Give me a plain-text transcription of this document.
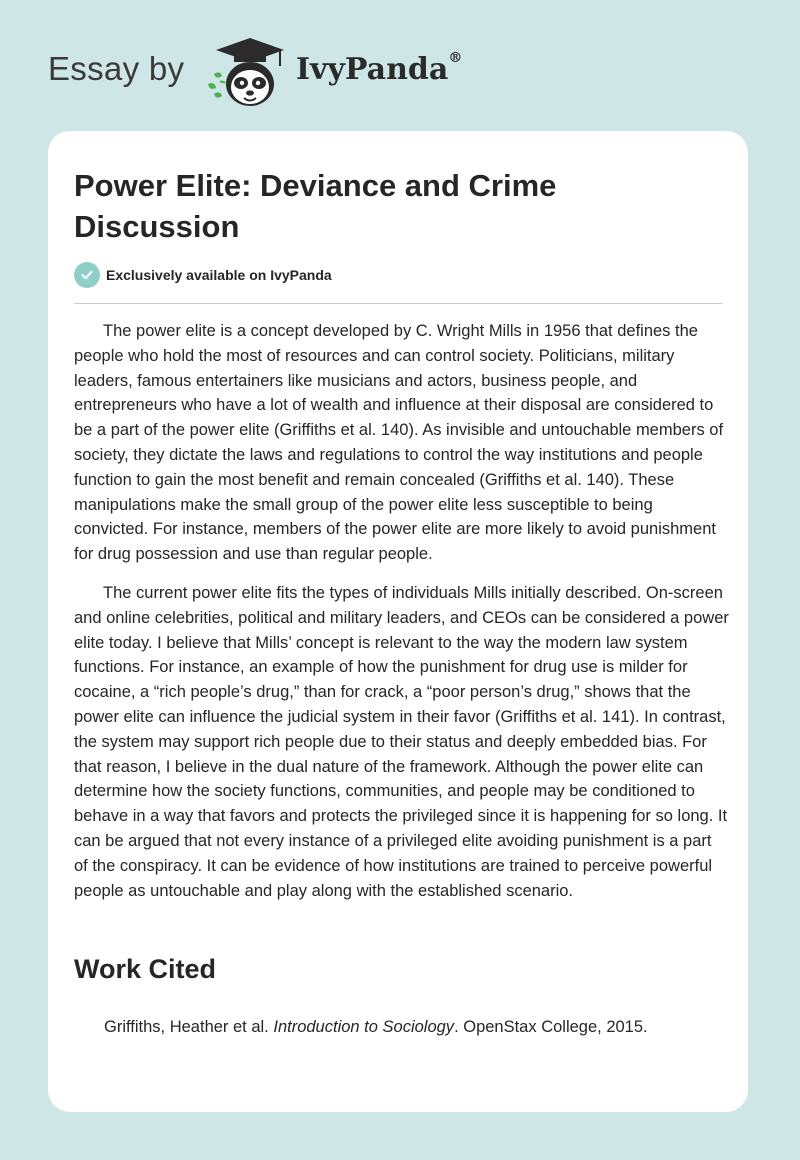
Essay by	IvyPanda®
Power Elite: Deviance and Crime Discussion
Exclusively available on IvyPanda

The power elite is a concept developed by C. Wright Mills in 1956 that defines the people who hold the most of resources and can control society. Politicians, military leaders, famous entertainers like musicians and actors, business people, and entrepreneurs who have a lot of wealth and influence at their disposal are considered to be a part of the power elite (Griffiths et al. 140). As invisible and untouchable members of society, they dictate the laws and regulations to control the way institutions and people function to gain the most benefit and remain concealed (Griffiths et al. 140). These manipulations make the small group of the power elite less susceptible to being convicted. For instance, members of the power elite are more likely to avoid punishment for drug possession and use than regular people.

The current power elite fits the types of individuals Mills initially described. On-screen and online celebrities, political and military leaders, and CEOs can be considered a power elite today. I believe that Mills’ concept is relevant to the way the modern law system functions. For instance, an example of how the punishment for drug use is milder for cocaine, a “rich people’s drug,” than for crack, a “poor person’s drug,” shows that the power elite can influence the judicial system in their favor (Griffiths et al. 141). In contrast, the system may support rich people due to their status and deeply embedded bias. For that reason, I believe in the dual nature of the framework. Although the power elite can determine how the society functions, communities, and people may be conditioned to behave in a way that favors and protects the privileged since it is happening for so long. It can be argued that not every instance of a privileged elite avoiding punishment is a part of the conspiracy. It can be evidence of how institutions are trained to perceive powerful people as untouchable and play along with the established scenario.

Work Cited
Griffiths, Heather et al. Introduction to Sociology. OpenStax College, 2015.
